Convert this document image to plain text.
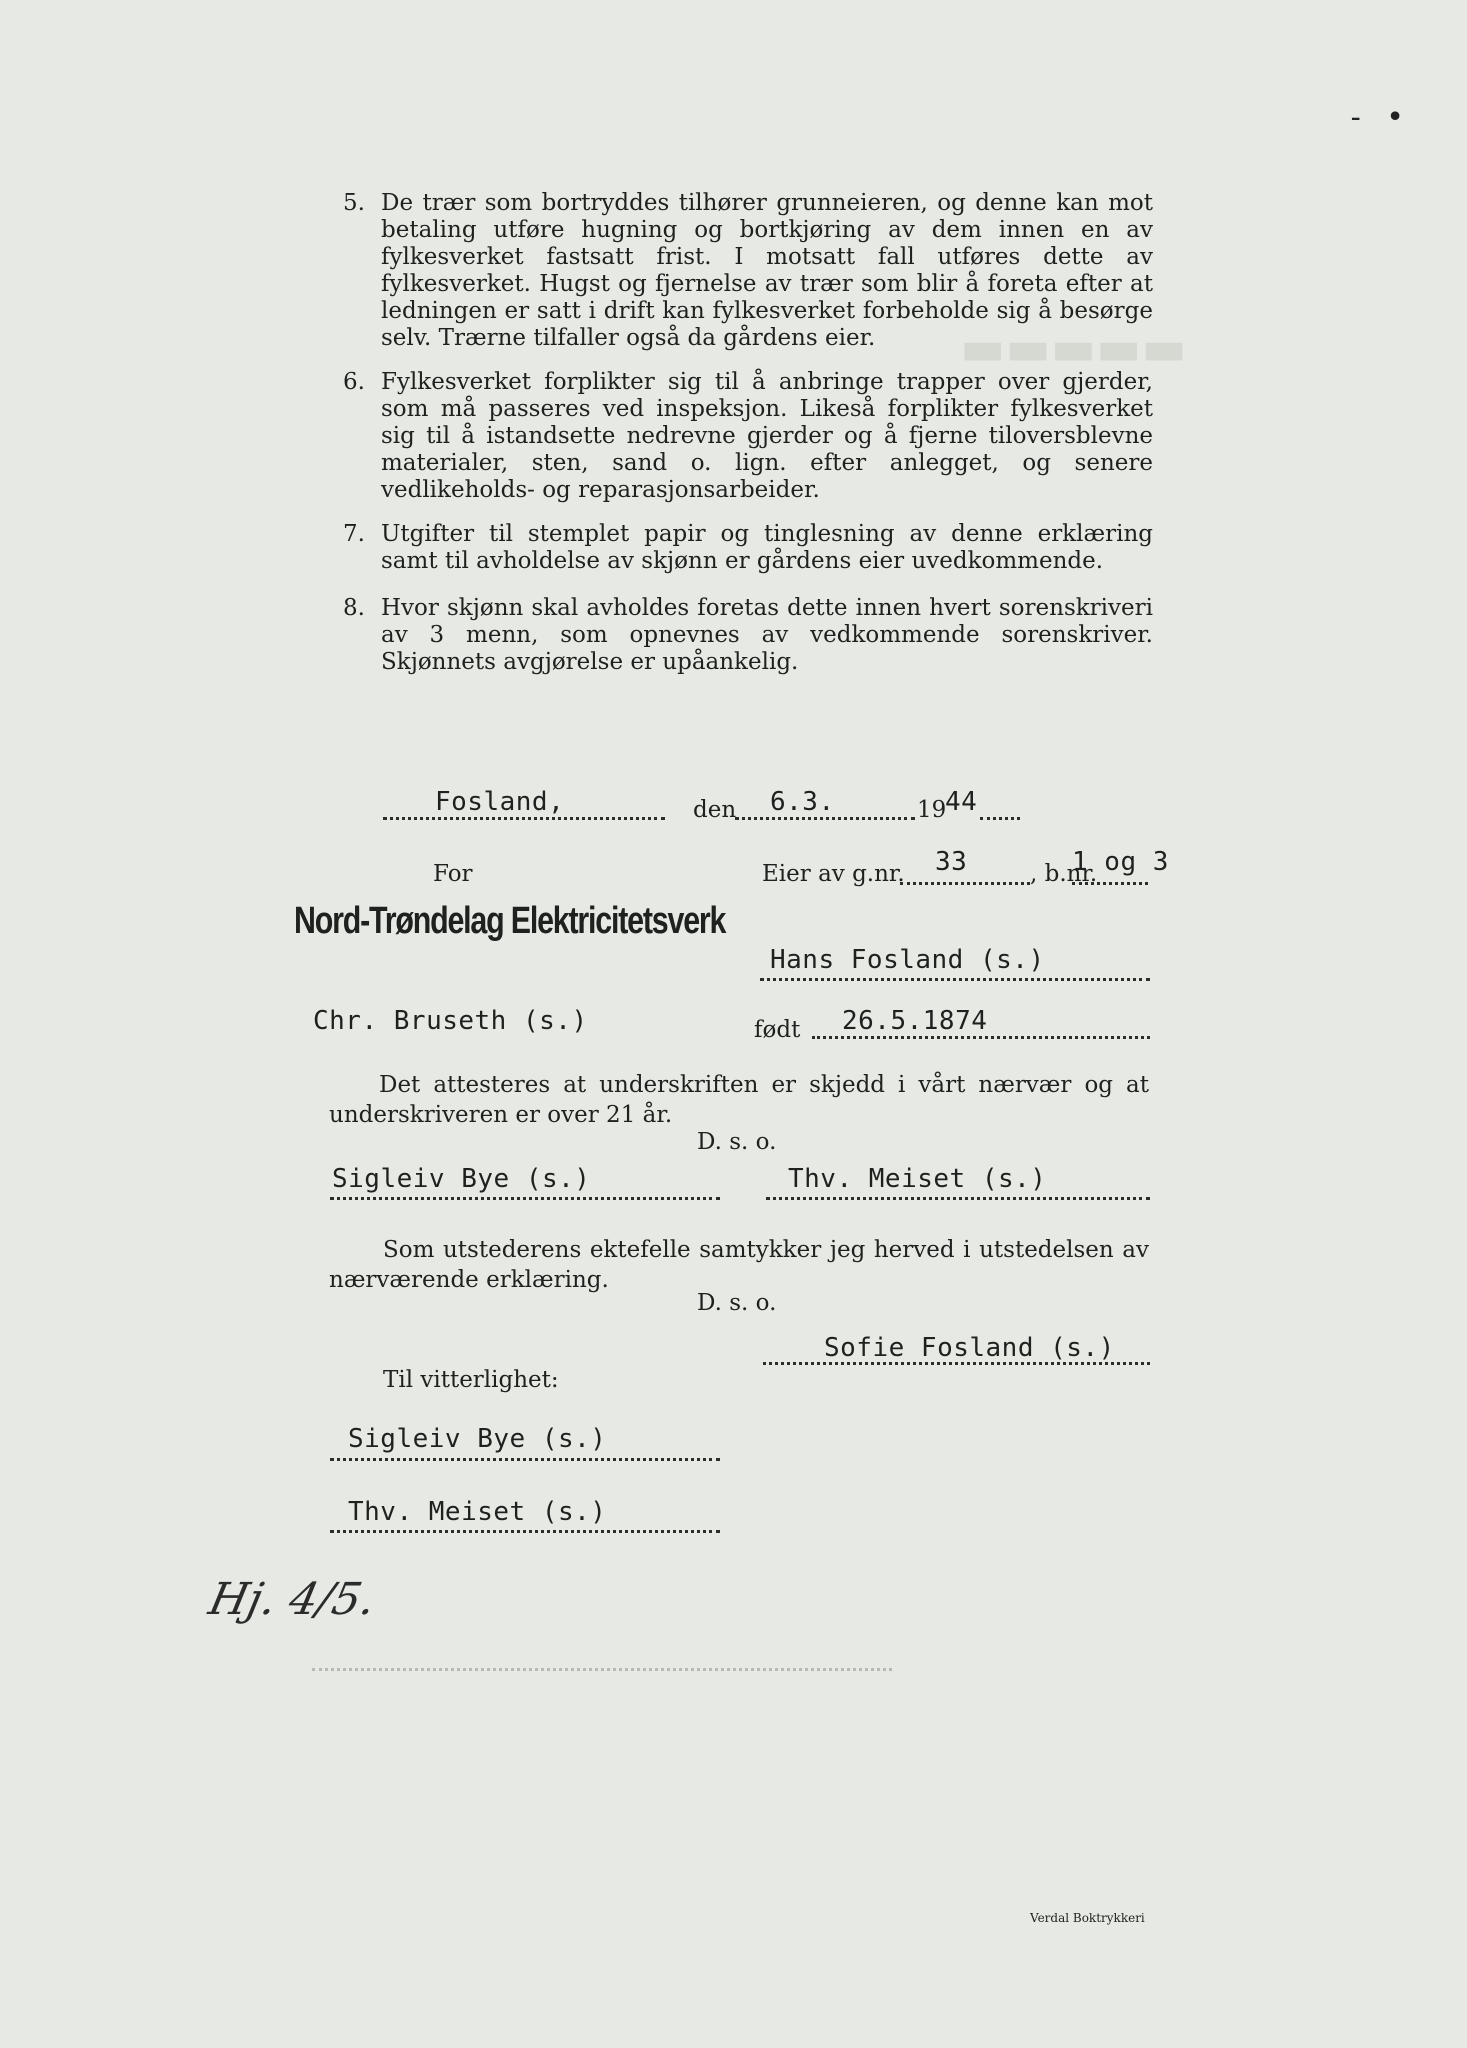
- •
▬▬▬▬▬
5. De trær som bortryddes tilhører grunneieren, og denne kan mot betaling utføre hugning og bortkjøring av dem innen en av fylkesverket fastsatt frist. I motsatt fall utføres dette av fylkesverket. Hugst og fjernelse av trær som blir å foreta efter at ledningen er satt i drift kan fylkesverket forbeholde sig å besørge selv. Trærne tilfaller også da gårdens eier.
6. Fylkesverket forplikter sig til å anbringe trapper over gjerder, som må passeres ved inspeksjon. Likeså forplikter fylkesverket sig til å istandsette nedrevne gjerder og å fjerne tiloversblevne materialer, sten, sand o. lign. efter anlegget, og senere vedlikeholds- og reparasjonsarbeider.
7. Utgifter til stemplet papir og tinglesning av denne erklæring samt til avholdelse av skjønn er gårdens eier uvedkommende.
8. Hvor skjønn skal avholdes foretas dette innen hvert sorenskriveri av 3 menn, som opnevnes av vedkommende sorenskriver. Skjønnets avgjørelse er upåankelig.
Fosland,	den 6.3.	19
44
For	Eier av g.nr. 33	, b.nr.
1 og 3
Nord-Trøndelag Elektricitetsverk
Hans Fosland (s.)
Chr. Bruseth (s.)	født 26.5.1874
Det attesteres at underskriften er skjedd i vårt nærvær og at underskriveren er over 21 år.
D. s. o.
Sigleiv Bye (s.)	Thv. Meiset (s.)
Som utstederens ektefelle samtykker jeg herved i utstedelsen av nærværende erklæring.
D. s. o.
Sofie Fosland (s.)
Til vitterlighet:
Sigleiv Bye (s.)
Thv. Meiset (s.)
Hj. 4/5.
Verdal Boktrykkeri
